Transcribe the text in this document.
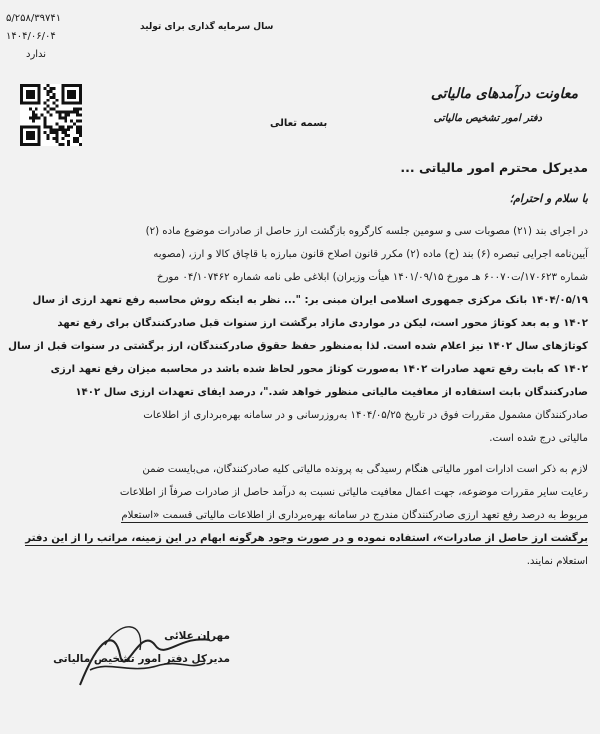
۵/۲۵۸/۳۹۷۴۱
۱۴۰۴/۰۶/۰۴
ندارد
سال سرمایه گذاری برای تولید
معاونت درآمدهای مالیاتی
دفتر امور تشخیص مالیاتی
بسمه تعالی
مدیرکل محترم امور مالیاتی ...
با سلام و احترام؛
در اجرای بند (۲۱) مصوبات سی و سومین جلسه کارگروه بازگشت ارز حاصل از صادرات موضوع ماده (۲)
آیین‌نامه اجرایی تبصره (۶) بند (ح) ماده (۲) مکرر قانون اصلاح قانون مبارزه با قاچاق کالا و ارز، (مصوبه
شماره ۱۷۰۶۲۳/ت۶۰۰۷۰ هـ مورخ ۱۴۰۱/۰۹/۱۵ هیأت وزیران) ابلاغی طی نامه شماره ۰۴/۱۰۷۴۶۲ مورخ
۱۴۰۴/۰۵/۱۹ بانک مرکزی جمهوری اسلامی ایران مبنی بر: "... نظر به اینکه روش محاسبه رفع تعهد ارزی از سال
۱۴۰۲ و به بعد کوتاژ محور است، لیکن در مواردی مازاد برگشت ارز سنوات قبل صادرکنندگان برای رفع تعهد
کوتاژهای سال ۱۴۰۲ نیز اعلام شده است. لذا به‌منظور حفظ حقوق صادرکنندگان، ارز برگشتی در سنوات قبل از سال
۱۴۰۲ که بابت رفع تعهد صادرات ۱۴۰۲ به‌صورت کوتاژ محور لحاظ شده باشد در محاسبه میزان رفع تعهد ارزی
صادرکنندگان بابت استفاده از معافیت مالیاتی منظور خواهد شد."، درصد ایفای تعهدات ارزی سال ۱۴۰۲
صادرکنندگان مشمول مقررات فوق در تاریخ ۱۴۰۴/۰۵/۲۵ به‌روزرسانی و در سامانه بهره‌برداری از اطلاعات
مالیاتی درج شده است.
لازم به ذکر است ادارات امور مالیاتی هنگام رسیدگی به پرونده مالیاتی کلیه صادرکنندگان، می‌بایست ضمن
رعایت سایر مقررات موضوعه، جهت اعمال معافیت مالیاتی نسبت به درآمد حاصل از صادرات صرفاً از اطلاعات
مربوط به درصد رفع تعهد ارزی صادرکنندگان مندرج در سامانه بهره‌برداری از اطلاعات مالیاتی قسمت «استعلام
برگشت ارز حاصل از صادرات»، استفاده نموده و در صورت وجود هرگونه ابهام در این زمینه، مراتب را از این دفتر
استعلام نمایند.
مهران علائی
مدیرکل دفتر امور تشخیص مالیاتی
